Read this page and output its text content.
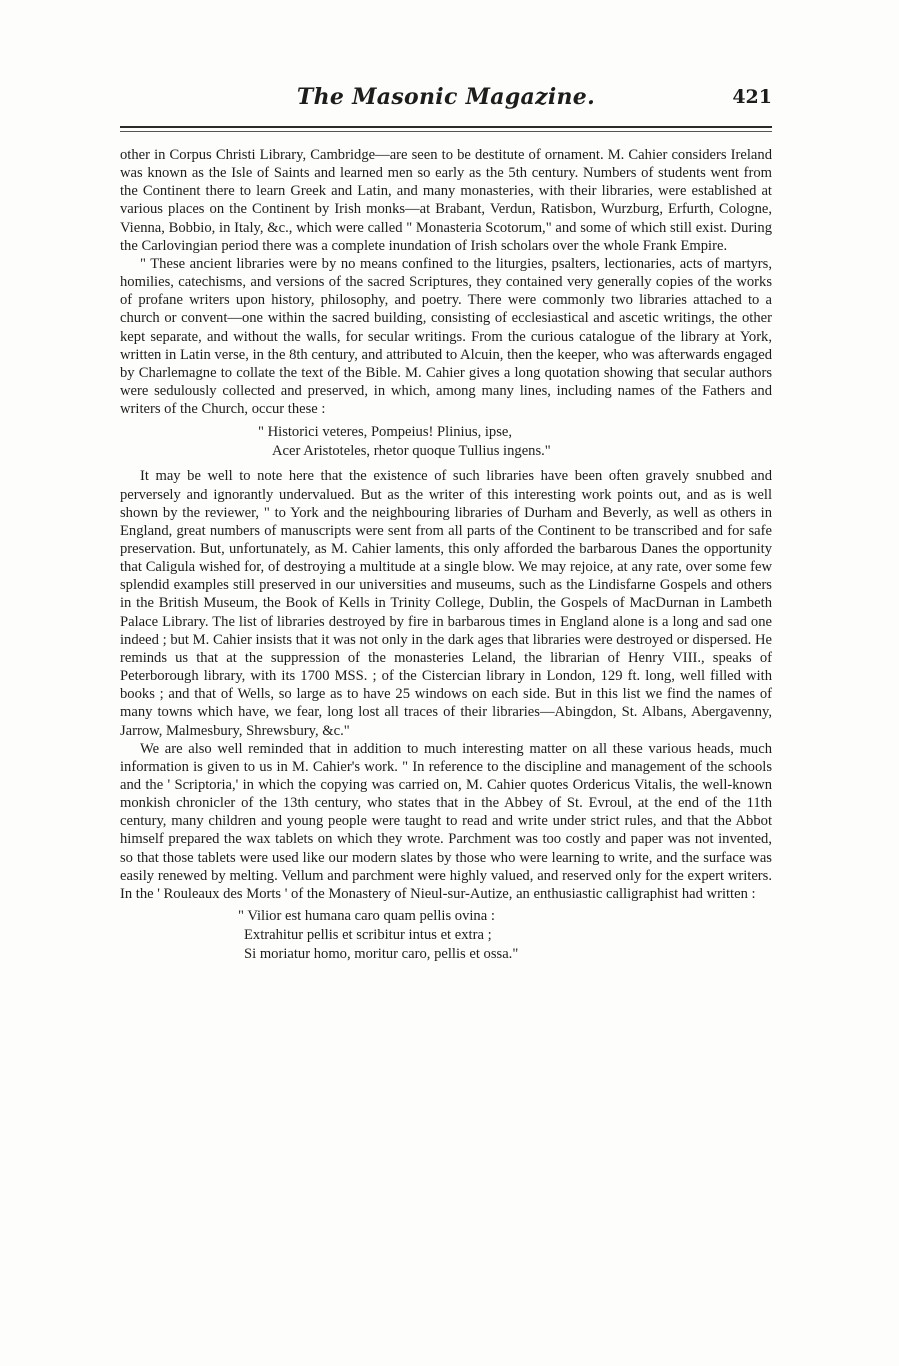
The Masonic Magazine.	421

other in Corpus Christi Library, Cambridge—are seen to be destitute of ornament. M. Cahier considers Ireland was known as the Isle of Saints and learned men so early as the 5th century. Numbers of students went from the Continent there to learn Greek and Latin, and many monasteries, with their libraries, were established at various places on the Continent by Irish monks—at Brabant, Verdun, Ratisbon, Wurzburg, Erfurth, Cologne, Vienna, Bobbio, in Italy, &c., which were called " Monasteria Scotorum," and some of which still exist. During the Carlovingian period there was a complete inundation of Irish scholars over the whole Frank Empire.

" These ancient libraries were by no means confined to the liturgies, psalters, lectionaries, acts of martyrs, homilies, catechisms, and versions of the sacred Scriptures, they contained very generally copies of the works of profane writers upon history, philosophy, and poetry. There were commonly two libraries attached to a church or convent—one within the sacred building, consisting of ecclesiastical and ascetic writings, the other kept separate, and without the walls, for secular writings. From the curious catalogue of the library at York, written in Latin verse, in the 8th century, and attributed to Alcuin, then the keeper, who was afterwards engaged by Charlemagne to collate the text of the Bible. M. Cahier gives a long quotation showing that secular authors were sedulously collected and preserved, in which, among many lines, including names of the Fathers and writers of the Church, occur these :

" Historici veteres, Pompeius! Plinius, ipse,
Acer Aristoteles, rhetor quoque Tullius ingens."

It may be well to note here that the existence of such libraries have been often gravely snubbed and perversely and ignorantly undervalued. But as the writer of this interesting work points out, and as is well shown by the reviewer, " to York and the neighbouring libraries of Durham and Beverly, as well as others in England, great numbers of manuscripts were sent from all parts of the Continent to be transcribed and for safe preservation. But, unfortunately, as M. Cahier laments, this only afforded the barbarous Danes the opportunity that Caligula wished for, of destroying a multitude at a single blow. We may rejoice, at any rate, over some few splendid examples still preserved in our universities and museums, such as the Lindisfarne Gospels and others in the British Museum, the Book of Kells in Trinity College, Dublin, the Gospels of MacDurnan in Lambeth Palace Library. The list of libraries destroyed by fire in barbarous times in England alone is a long and sad one indeed ; but M. Cahier insists that it was not only in the dark ages that libraries were destroyed or dispersed. He reminds us that at the suppression of the monasteries Leland, the librarian of Henry VIII., speaks of Peterborough library, with its 1700 MSS. ; of the Cistercian library in London, 129 ft. long, well filled with books ; and that of Wells, so large as to have 25 windows on each side. But in this list we find the names of many towns which have, we fear, long lost all traces of their libraries—Abingdon, St. Albans, Abergavenny, Jarrow, Malmesbury, Shrewsbury, &c."

We are also well reminded that in addition to much interesting matter on all these various heads, much information is given to us in M. Cahier's work. " In reference to the discipline and management of the schools and the ' Scriptoria,' in which the copying was carried on, M. Cahier quotes Ordericus Vitalis, the well-known monkish chronicler of the 13th century, who states that in the Abbey of St. Evroul, at the end of the 11th century, many children and young people were taught to read and write under strict rules, and that the Abbot himself prepared the wax tablets on which they wrote. Parchment was too costly and paper was not invented, so that those tablets were used like our modern slates by those who were learning to write, and the surface was easily renewed by melting. Vellum and parchment were highly valued, and reserved only for the expert writers. In the ' Rouleaux des Morts ' of the Monastery of Nieul-sur-Autize, an enthusiastic calligraphist had written :

" Vilior est humana caro quam pellis ovina :
Extrahitur pellis et scribitur intus et extra ;
Si moriatur homo, moritur caro, pellis et ossa."
